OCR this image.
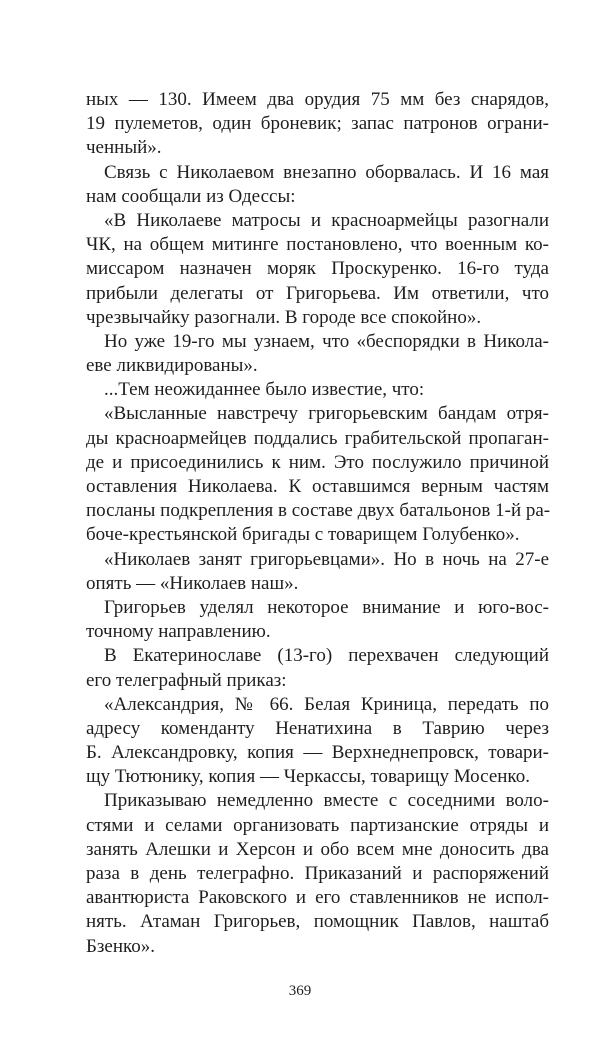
ных — 130. Имеем два орудия 75 мм без снарядов,
19 пулеметов, один броневик; запас патронов ограни-
ченный».
Связь с Николаевом внезапно оборвалась. И 16 мая
нам сообщали из Одессы:
«В Николаеве матросы и красноармейцы разогнали
ЧК, на общем митинге постановлено, что военным ко-
миссаром назначен моряк Проскуренко. 16-го туда
прибыли делегаты от Григорьева. Им ответили, что
чрезвычайку разогнали. В городе все спокойно».
Но уже 19-го мы узнаем, что «беспорядки в Никола-
еве ликвидированы».
...Тем неожиданнее было известие, что:
«Высланные навстречу григорьевским бандам отря-
ды красноармейцев поддались грабительской пропаган-
де и присоединились к ним. Это послужило причиной
оставления Николаева. К оставшимся верным частям
посланы подкрепления в составе двух батальонов 1-й ра-
боче-крестьянской бригады с товарищем Голубенко».
«Николаев занят григорьевцами». Но в ночь на 27-е
опять — «Николаев наш».
Григорьев уделял некоторое внимание и юго-вос-
точному направлению.
В Екатеринославе (13-го) перехвачен следующий
его телеграфный приказ:
«Александрия, № 66. Белая Криница, передать по
адресу коменданту Ненатихина в Таврию через
Б. Александровку, копия — Верхнеднепровск, товари-
щу Тютюнику, копия — Черкассы, товарищу Мосенко.
Приказываю немедленно вместе с соседними воло-
стями и селами организовать партизанские отряды и
занять Алешки и Херсон и обо всем мне доносить два
раза в день телеграфно. Приказаний и распоряжений
авантюриста Раковского и его ставленников не испол-
нять. Атаман Григорьев, помощник Павлов, наштаб
Бзенко».
369
